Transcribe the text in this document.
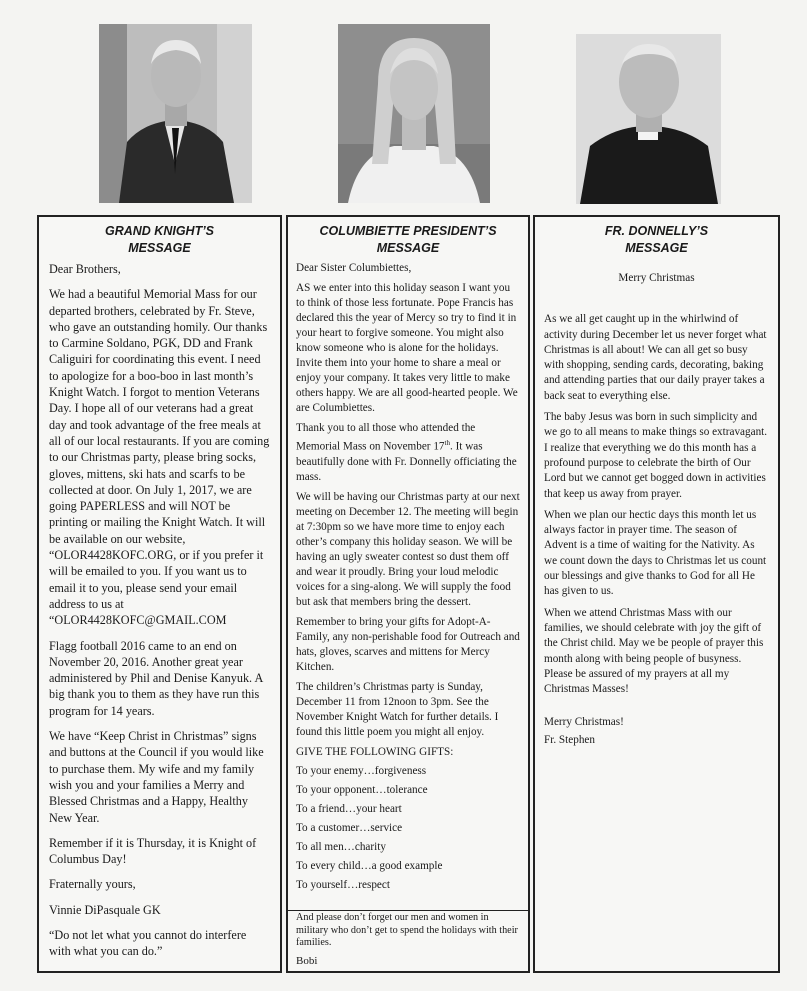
GRAND KNIGHT’S
MESSAGE
Dear Brothers,
We had a beautiful Memorial Mass for our departed brothers, celebrated by Fr. Steve, who gave an outstanding homily. Our thanks to Carmine Soldano, PGK, DD and Frank Caliguiri for coordinating this event. I need to apologize for a boo-boo in last month’s Knight Watch. I forgot to mention Veterans Day. I hope all of our veterans had a great day and took advantage of the free meals at all of our local restaurants. If you are coming to our Christmas party, please bring socks, gloves, mittens, ski hats and scarfs to be collected at door. On July 1, 2017, we are going PAPERLESS and will NOT be printing or mailing the Knight Watch. It will be available on our website, “OLOR4428KOFC.ORG, or if you prefer it will be emailed to you. If you want us to email it to you, please send your email address to us at “OLOR4428KOFC@GMAIL.COM
Flagg football 2016 came to an end on November 20, 2016. Another great year administered by Phil and Denise Kanyuk. A big thank you to them as they have run this program for 14 years.
We have “Keep Christ in Christmas” signs and buttons at the Council if you would like to purchase them. My wife and my family wish you and your families a Merry and Blessed Christmas and a Happy, Healthy New Year.
Remember if it is Thursday, it is Knight of Columbus Day!
Fraternally yours,
Vinnie DiPasquale GK
“Do not let what you cannot do interfere with what you can do.”
COLUMBIETTE PRESIDENT’S
MESSAGE
Dear Sister Columbiettes,
AS we enter into this holiday season I want you to think of those less fortunate. Pope Francis has declared this the year of Mercy so try to find it in your heart to forgive someone. You might also know someone who is alone for the holidays. Invite them into your home to share a meal or enjoy your company. It takes very little to make others happy. We are all good-hearted people. We are Columbiettes.
Thank you to all those who attended the Memorial Mass on November 17th. It was beautifully done with Fr. Donnelly officiating the mass.
We will be having our Christmas party at our next meeting on December 12. The meeting will begin at 7:30pm so we have more time to enjoy each other’s company this holiday season. We will be having an ugly sweater contest so dust them off and wear it proudly. Bring your loud melodic voices for a sing-along. We will supply the food but ask that members bring the dessert.
Remember to bring your gifts for Adopt-A-Family, any non-perishable food for Outreach and hats, gloves, scarves and mittens for Mercy Kitchen.
The children’s Christmas party is Sunday, December 11 from 12noon to 3pm. See the November Knight Watch for further details. I found this little poem you might all enjoy.
GIVE THE FOLLOWING GIFTS:
To your enemy…forgiveness
To your opponent…tolerance
To a friend…your heart
To a customer…service
To all men…charity
To every child…a good example
To yourself…respect
And please don’t forget our men and women in military who don’t get to spend the holidays with their families.
Bobi
FR. DONNELLY’S
MESSAGE
Merry Christmas
As we all get caught up in the whirlwind of activity during December let us never forget what Christmas is all about! We can all get so busy with shopping, sending cards, decorating, baking and attending parties that our daily prayer takes a back seat to everything else.
The baby Jesus was born in such simplicity and we go to all means to make things so extravagant. I realize that everything we do this month has a profound purpose to celebrate the birth of Our Lord but we cannot get bogged down in activities that keep us away from prayer.
When we plan our hectic days this month let us always factor in prayer time. The season of Advent is a time of waiting for the Nativity. As we count down the days to Christmas let us count our blessings and give thanks to God for all He has given to us.
When we attend Christmas Mass with our families, we should celebrate with joy the gift of the Christ child. May we be people of prayer this month along with being people of busyness. Please be assured of my prayers at all my Christmas Masses!
Merry Christmas!
Fr. Stephen
